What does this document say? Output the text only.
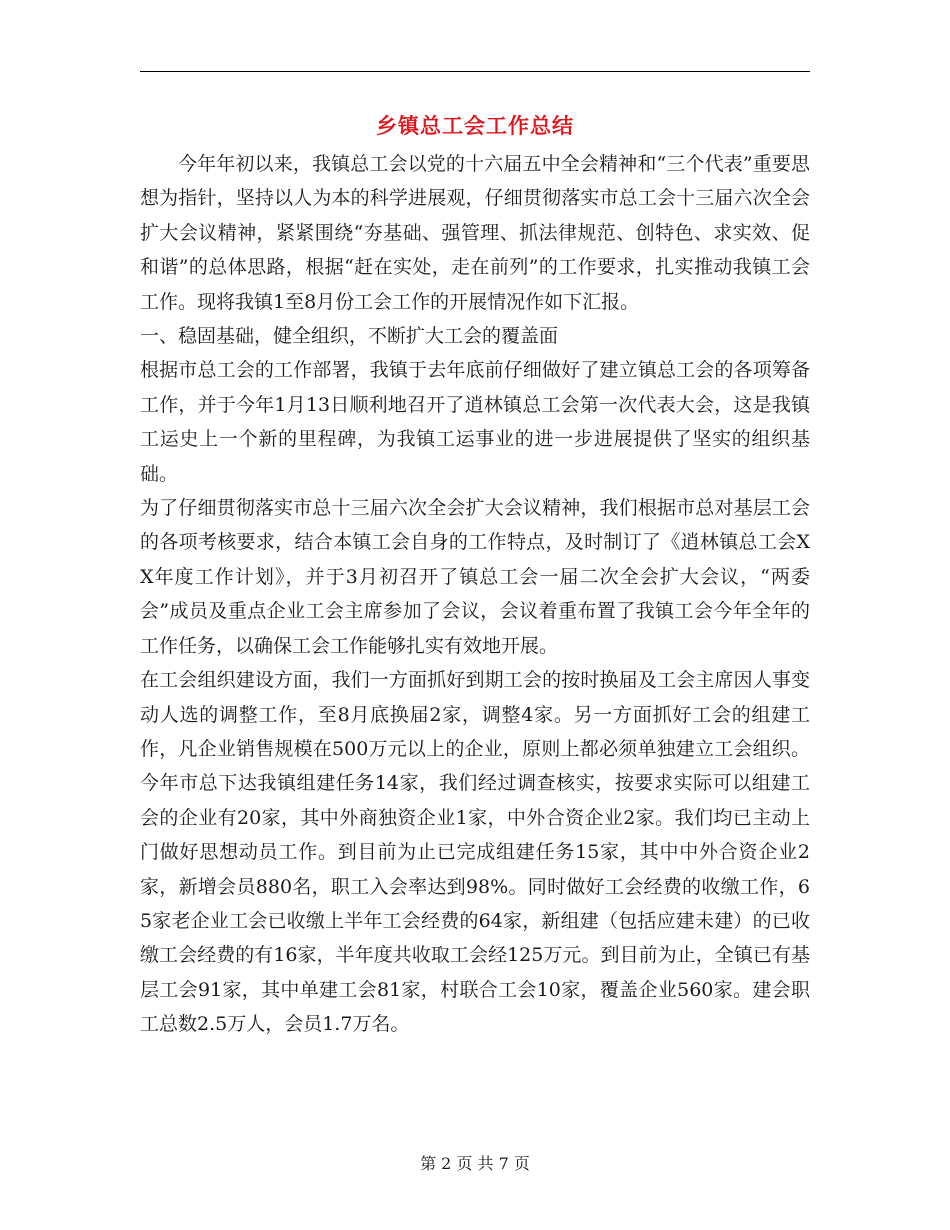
乡镇总工会工作总结

今年年初以来，我镇总工会以党的十六届五中全会精神和“三个代表”重要思想为指针，坚持以人为本的科学进展观，仔细贯彻落实市总工会十三届六次全会扩大会议精神，紧紧围绕“夯基础、强管理、抓法律规范、创特色、求实效、促和谐”的总体思路，根据“赶在实处，走在前列”的工作要求，扎实推动我镇工会工作。现将我镇1至8月份工会工作的开展情况作如下汇报。

一、稳固基础，健全组织，不断扩大工会的覆盖面

根据市总工会的工作部署，我镇于去年底前仔细做好了建立镇总工会的各项筹备工作，并于今年1月13日顺利地召开了逍林镇总工会第一次代表大会，这是我镇工运史上一个新的里程碑，为我镇工运事业的进一步进展提供了坚实的组织基础。

为了仔细贯彻落实市总十三届六次全会扩大会议精神，我们根据市总对基层工会的各项考核要求，结合本镇工会自身的工作特点，及时制订了《逍林镇总工会XX年度工作计划》，并于3月初召开了镇总工会一届二次全会扩大会议，“两委会”成员及重点企业工会主席参加了会议，会议着重布置了我镇工会今年全年的工作任务，以确保工会工作能够扎实有效地开展。

在工会组织建设方面，我们一方面抓好到期工会的按时换届及工会主席因人事变动人选的调整工作，至8月底换届2家，调整4家。另一方面抓好工会的组建工作，凡企业销售规模在500万元以上的企业，原则上都必须单独建立工会组织。今年市总下达我镇组建任务14家，我们经过调查核实，按要求实际可以组建工会的企业有20家，其中外商独资企业1家，中外合资企业2家。我们均已主动上门做好思想动员工作。到目前为止已完成组建任务15家，其中中外合资企业2家，新增会员880名，职工入会率达到98%。同时做好工会经费的收缴工作，65家老企业工会已收缴上半年工会经费的64家，新组建（包括应建未建）的已收缴工会经费的有16家，半年度共收取工会经125万元。到目前为止，全镇已有基层工会91家，其中单建工会81家，村联合工会10家，覆盖企业560家。建会职工总数2.5万人，会员1.7万名。

第 2 页 共 7 页
